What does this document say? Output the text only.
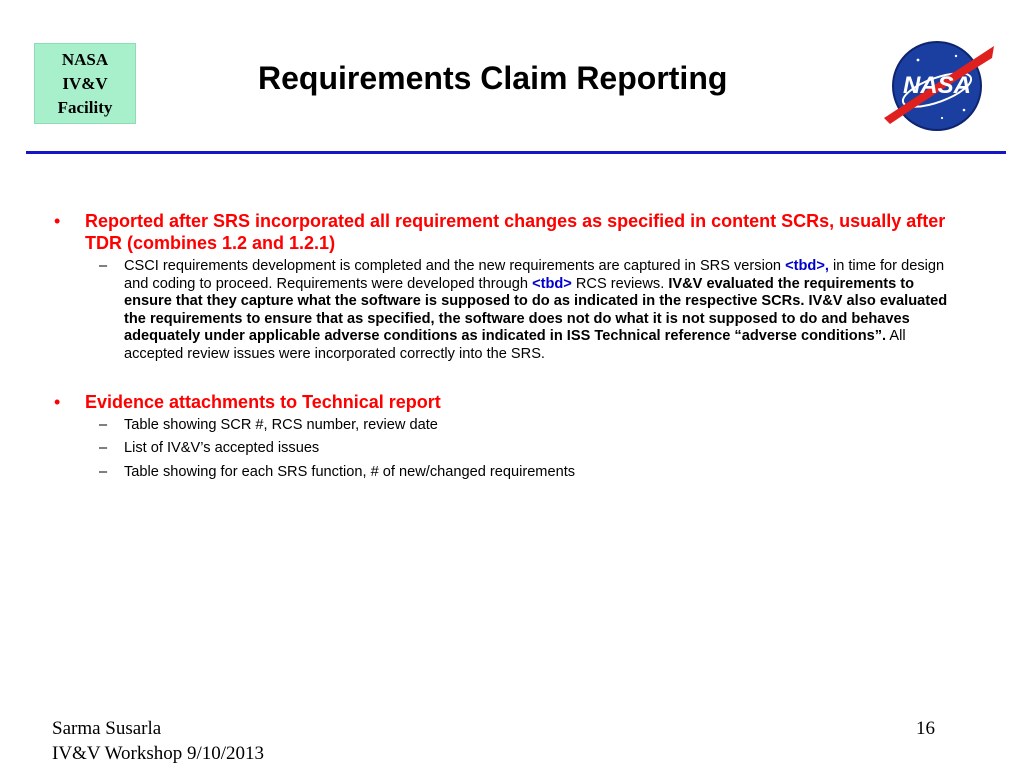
NASA
IV&V
Facility
Requirements Claim Reporting	NASA
• Reported after SRS incorporated all requirement changes as specified in content SCRs, usually after TDR (combines 1.2 and 1.2.1)
– CSCI requirements development is completed and the new requirements are captured in SRS version <tbd>, in time for design and coding to proceed. Requirements were developed through <tbd> RCS reviews. IV&V evaluated the requirements to ensure that they capture what the software is supposed to do as indicated in the respective SCRs. IV&V also evaluated the requirements to ensure that as specified, the software does not do what it is not supposed to do and behaves adequately under applicable adverse conditions as indicated in ISS Technical reference “adverse conditions”. All accepted review issues were incorporated correctly into the SRS.
• Evidence attachments to Technical report
– Table showing SCR #, RCS number, review date
– List of IV&V’s accepted issues
– Table showing for each SRS function, # of new/changed requirements
Sarma Susarla
IV&V Workshop 9/10/2013
16
